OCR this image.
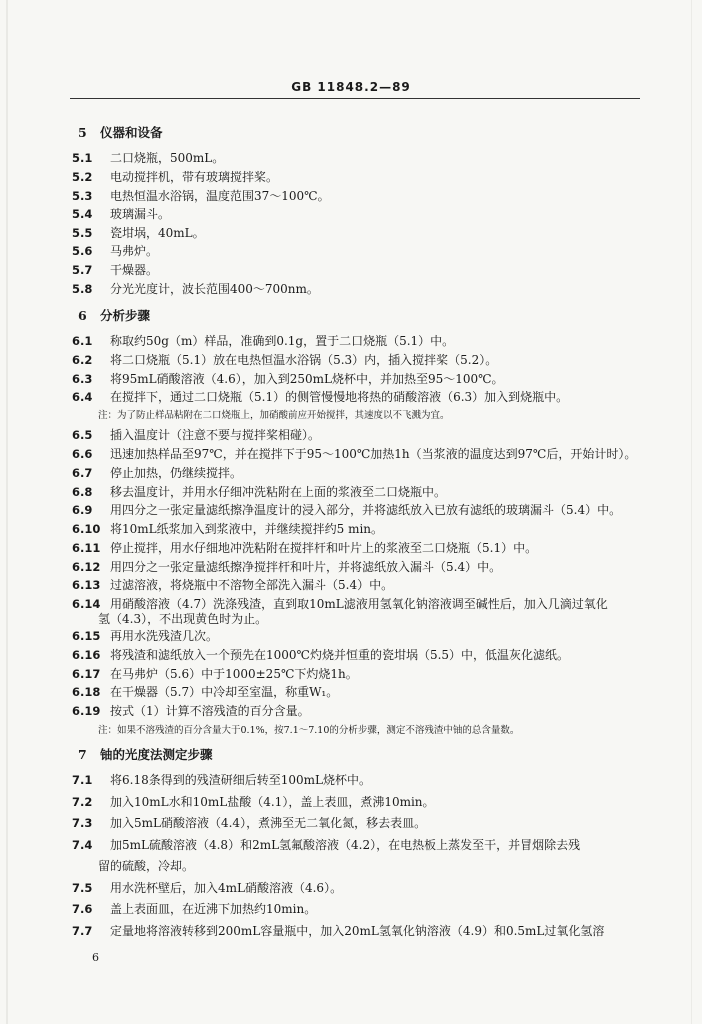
GB 11848.2—89
5 仪器和设备
5.1 二口烧瓶，500mL。
5.2 电动搅拌机，带有玻璃搅拌桨。
5.3 电热恒温水浴锅，温度范围37～100℃。
5.4 玻璃漏斗。
5.5 瓷坩埚，40mL。
5.6 马弗炉。
5.7 干燥器。
5.8 分光光度计，波长范围400～700nm。
6 分析步骤
6.1 称取约50g（m）样品，准确到0.1g，置于二口烧瓶（5.1）中。
6.2 将二口烧瓶（5.1）放在电热恒温水浴锅（5.3）内，插入搅拌桨（5.2）。
6.3 将95mL硝酸溶液（4.6），加入到250mL烧杯中，并加热至95～100℃。
6.4 在搅拌下，通过二口烧瓶（5.1）的侧管慢慢地将热的硝酸溶液（6.3）加入到烧瓶中。
注：为了防止样品粘附在二口烧瓶上，加硝酸前应开始搅拌，其速度以不飞溅为宜。
6.5 插入温度计（注意不要与搅拌桨相碰）。
6.6 迅速加热样品至97℃，并在搅拌下于95～100℃加热1h（当浆液的温度达到97℃后，开始计时）。
6.7 停止加热，仍继续搅拌。
6.8 移去温度计，并用水仔细冲洗粘附在上面的浆液至二口烧瓶中。
6.9 用四分之一张定量滤纸擦净温度计的浸入部分，并将滤纸放入已放有滤纸的玻璃漏斗（5.4）中。
6.10 将10mL纸浆加入到浆液中，并继续搅拌约5 min。
6.11 停止搅拌，用水仔细地冲洗粘附在搅拌杆和叶片上的浆液至二口烧瓶（5.1）中。
6.12 用四分之一张定量滤纸擦净搅拌杆和叶片，并将滤纸放入漏斗（5.4）中。
6.13 过滤溶液，将烧瓶中不溶物全部洗入漏斗（5.4）中。
6.14 用硝酸溶液（4.7）洗涤残渣，直到取10mL滤液用氢氧化钠溶液调至碱性后，加入几滴过氧化
氢（4.3），不出现黄色时为止。
6.15 再用水洗残渣几次。
6.16 将残渣和滤纸放入一个预先在1000℃灼烧并恒重的瓷坩埚（5.5）中，低温灰化滤纸。
6.17 在马弗炉（5.6）中于1000±25℃下灼烧1h。
6.18 在干燥器（5.7）中冷却至室温，称重W₁。
6.19 按式（1）计算不溶残渣的百分含量。
注：如果不溶残渣的百分含量大于0.1%，按7.1～7.10的分析步骤，测定不溶残渣中铀的总含量数。
7 铀的光度法测定步骤
7.1 将6.18条得到的残渣研细后转至100mL烧杯中。
7.2 加入10mL水和10mL盐酸（4.1），盖上表皿，煮沸10min。
7.3 加入5mL硝酸溶液（4.4），煮沸至无二氧化氮，移去表皿。
7.4 加5mL硫酸溶液（4.8）和2mL氢氟酸溶液（4.2），在电热板上蒸发至干，并冒烟除去残
留的硫酸，冷却。
7.5 用水洗杯壁后，加入4mL硝酸溶液（4.6）。
7.6 盖上表面皿，在近沸下加热约10min。
7.7 定量地将溶液转移到200mL容量瓶中，加入20mL氢氧化钠溶液（4.9）和0.5mL过氧化氢溶
6
